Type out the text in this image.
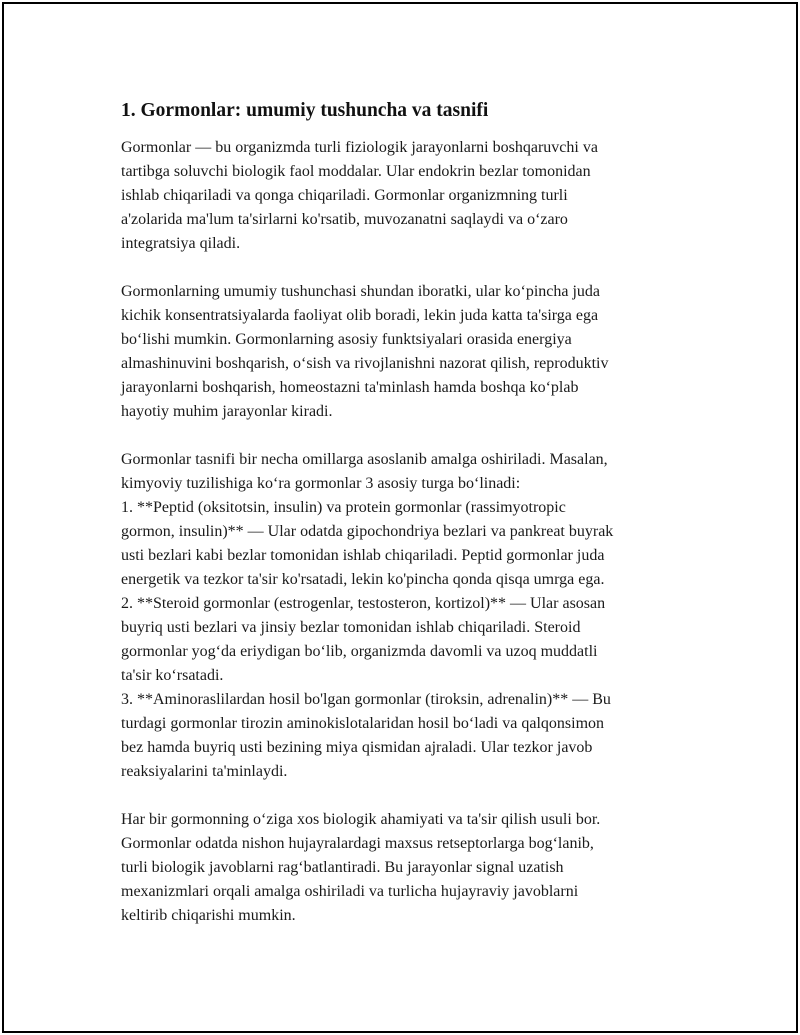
1. Gormonlar: umumiy tushuncha va tasnifi

Gormonlar — bu organizmda turli fiziologik jarayonlarni boshqaruvchi va
tartibga soluvchi biologik faol moddalar. Ular endokrin bezlar tomonidan
ishlab chiqariladi va qonga chiqariladi. Gormonlar organizmning turli
a'zolarida ma'lum ta'sirlarni ko'rsatib, muvozanatni saqlaydi va o‘zaro
integratsiya qiladi.

Gormonlarning umumiy tushunchasi shundan iboratki, ular ko‘pincha juda
kichik konsentratsiyalarda faoliyat olib boradi, lekin juda katta ta'sirga ega
bo‘lishi mumkin. Gormonlarning asosiy funktsiyalari orasida energiya
almashinuvini boshqarish, o‘sish va rivojlanishni nazorat qilish, reproduktiv
jarayonlarni boshqarish, homeostazni ta'minlash hamda boshqa ko‘plab
hayotiy muhim jarayonlar kiradi.

Gormonlar tasnifi bir necha omillarga asoslanib amalga oshiriladi. Masalan,
kimyoviy tuzilishiga ko‘ra gormonlar 3 asosiy turga bo‘linadi:
1. **Peptid (oksitotsin, insulin) va protein gormonlar (rassimyotropic
gormon, insulin)** — Ular odatda gipochondriya bezlari va pankreat buyrak
usti bezlari kabi bezlar tomonidan ishlab chiqariladi. Peptid gormonlar juda
energetik va tezkor ta'sir ko'rsatadi, lekin ko'pincha qonda qisqa umrga ega.
2. **Steroid gormonlar (estrogenlar, testosteron, kortizol)** — Ular asosan
buyriq usti bezlari va jinsiy bezlar tomonidan ishlab chiqariladi. Steroid
gormonlar yog‘da eriydigan bo‘lib, organizmda davomli va uzoq muddatli
ta'sir ko‘rsatadi.
3. **Aminoraslilardan hosil bo'lgan gormonlar (tiroksin, adrenalin)** — Bu
turdagi gormonlar tirozin aminokislotalaridan hosil bo‘ladi va qalqonsimon
bez hamda buyriq usti bezining miya qismidan ajraladi. Ular tezkor javob
reaksiyalarini ta'minlaydi.

Har bir gormonning o‘ziga xos biologik ahamiyati va ta'sir qilish usuli bor.
Gormonlar odatda nishon hujayralardagi maxsus retseptorlarga bog‘lanib,
turli biologik javoblarni rag‘batlantiradi. Bu jarayonlar signal uzatish
mexanizmlari orqali amalga oshiriladi va turlicha hujayraviy javoblarni
keltirib chiqarishi mumkin.
